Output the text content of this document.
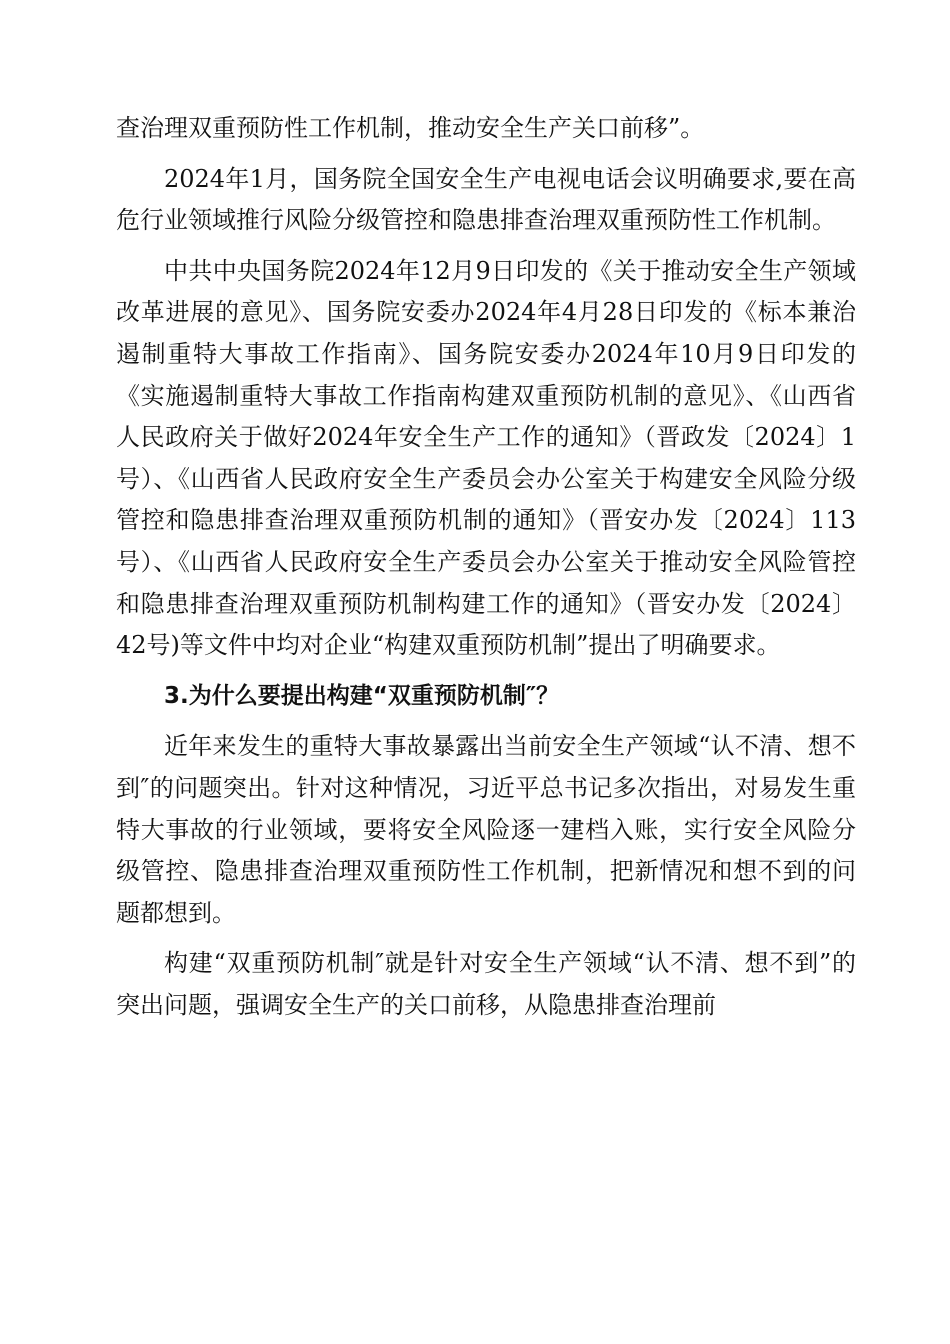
查治理双重预防性工作机制，推动安全生产关口前移”。

2024年1月，国务院全国安全生产电视电话会议明确要求,要在高危行业领域推行风险分级管控和隐患排查治理双重预防性工作机制。

中共中央国务院2024年12月9日印发的《关于推动安全生产领域改革进展的意见》、国务院安委办2024年4月28日印发的《标本兼治遏制重特大事故工作指南》、国务院安委办2024年10月9日印发的《实施遏制重特大事故工作指南构建双重预防机制的意见》、《山西省人民政府关于做好2024年安全生产工作的通知》（晋政发〔2024〕1号）、《山西省人民政府安全生产委员会办公室关于构建安全风险分级管控和隐患排查治理双重预防机制的通知》（晋安办发〔2024〕113号）、《山西省人民政府安全生产委员会办公室关于推动安全风险管控和隐患排查治理双重预防机制构建工作的通知》（晋安办发〔2024〕42号)等文件中均对企业“构建双重预防机制”提出了明确要求。

3.为什么要提出构建“双重预防机制″？

近年来发生的重特大事故暴露出当前安全生产领域“认不清、想不到″的问题突出。针对这种情况，习近平总书记多次指出，对易发生重特大事故的行业领域，要将安全风险逐一建档入账，实行安全风险分级管控、隐患排查治理双重预防性工作机制，把新情况和想不到的问题都想到。

构建“双重预防机制″就是针对安全生产领域“认不清、想不到”的突出问题，强调安全生产的关口前移，从隐患排查治理前
